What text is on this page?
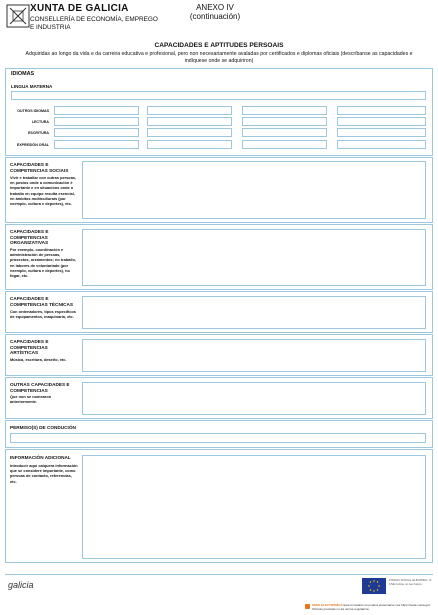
XUNTA DE GALICIA
CONSELLERÍA DE ECONOMÍA, EMPREGO E INDUSTRIA
ANEXO IV
(continuación)
CAPACIDADES E APTITUDES PERSOAIS
Adquiridas ao longo da vida e da carreira educativa e profesional, pero non necesariamente avaladas por certificados e diplomas oficiais (descríbanse as capacidades e indíquese onde se adquiriron)
IDIOMAS
LINGUA MATERNA
OUTROS IDIOMAS
LECTURA
ESCRITURA
EXPRESIÓN ORAL
CAPACIDADES E COMPETENCIAS SOCIAIS
Vivir e traballar con outras persoas, en postos onde a comunicación é importante e en situacións onde o traballo en equipo resulta esencial, en ámbitos multiculturais (por exemplo, cultura e deportes), etc.
CAPACIDADES E COMPETENCIAS ORGANIZATIVAS
Por exemplo, coordinación e administración de persoas, proxectos, orzamentos; no traballo, en labores de voluntariado (por exemplo, cultura e deportes), no fogar, etc.
CAPACIDADES E COMPETENCIAS TÉCNICAS
Con ordenadores, tipos específicos de equipamentos, maquinaria, etc.
CAPACIDADES E COMPETENCIAS ARTÍSTICAS
Música, escritura, deseño, etc.
OUTRAS CAPACIDADES E COMPETENCIAS
Que non se nomearon anteriormente.
PERMISO(S) DE CONDUCIÓN
INFORMACIÓN ADICIONAL
Introducir aquí calquera información que se considere importante, como persoas de contacto, referencias, etc.
galicia	FONDO SOCIAL EUROPEO. O FSE inviste no teu futuro
SEDE ELECTRÓNICA Este formulario só poderá presentarse nas https://sede.xunta.gal . Oficinas previstas no da norma reguladora.
